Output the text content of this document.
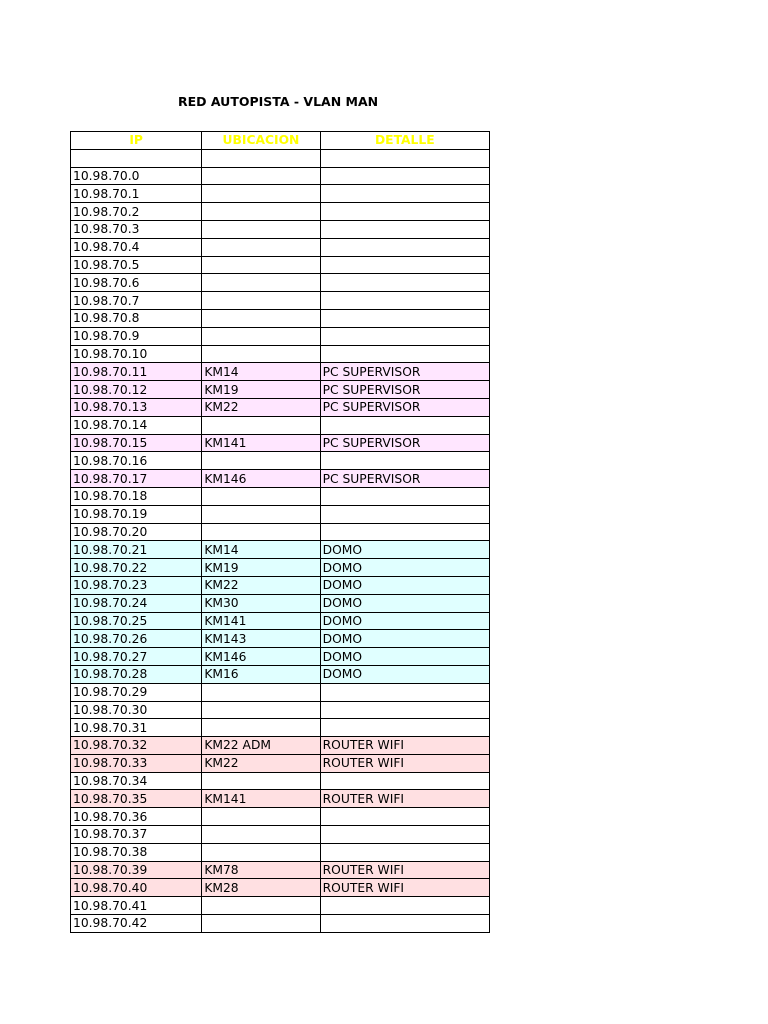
RED AUTOPISTA - VLAN MAN
IP	UBICACION	DETALLE

10.98.70.0		
10.98.70.1		
10.98.70.2		
10.98.70.3		
10.98.70.4		
10.98.70.5		
10.98.70.6		
10.98.70.7		
10.98.70.8		
10.98.70.9		
10.98.70.10		
10.98.70.11	KM14	PC SUPERVISOR
10.98.70.12	KM19	PC SUPERVISOR
10.98.70.13	KM22	PC SUPERVISOR
10.98.70.14		
10.98.70.15	KM141	PC SUPERVISOR
10.98.70.16		
10.98.70.17	KM146	PC SUPERVISOR
10.98.70.18		
10.98.70.19		
10.98.70.20		
10.98.70.21	KM14	DOMO
10.98.70.22	KM19	DOMO
10.98.70.23	KM22	DOMO
10.98.70.24	KM30	DOMO
10.98.70.25	KM141	DOMO
10.98.70.26	KM143	DOMO
10.98.70.27	KM146	DOMO
10.98.70.28	KM16	DOMO
10.98.70.29		
10.98.70.30		
10.98.70.31		
10.98.70.32	KM22 ADM	ROUTER WIFI
10.98.70.33	KM22	ROUTER WIFI
10.98.70.34		
10.98.70.35	KM141	ROUTER WIFI
10.98.70.36		
10.98.70.37		
10.98.70.38		
10.98.70.39	KM78	ROUTER WIFI
10.98.70.40	KM28	ROUTER WIFI
10.98.70.41		
10.98.70.42		
